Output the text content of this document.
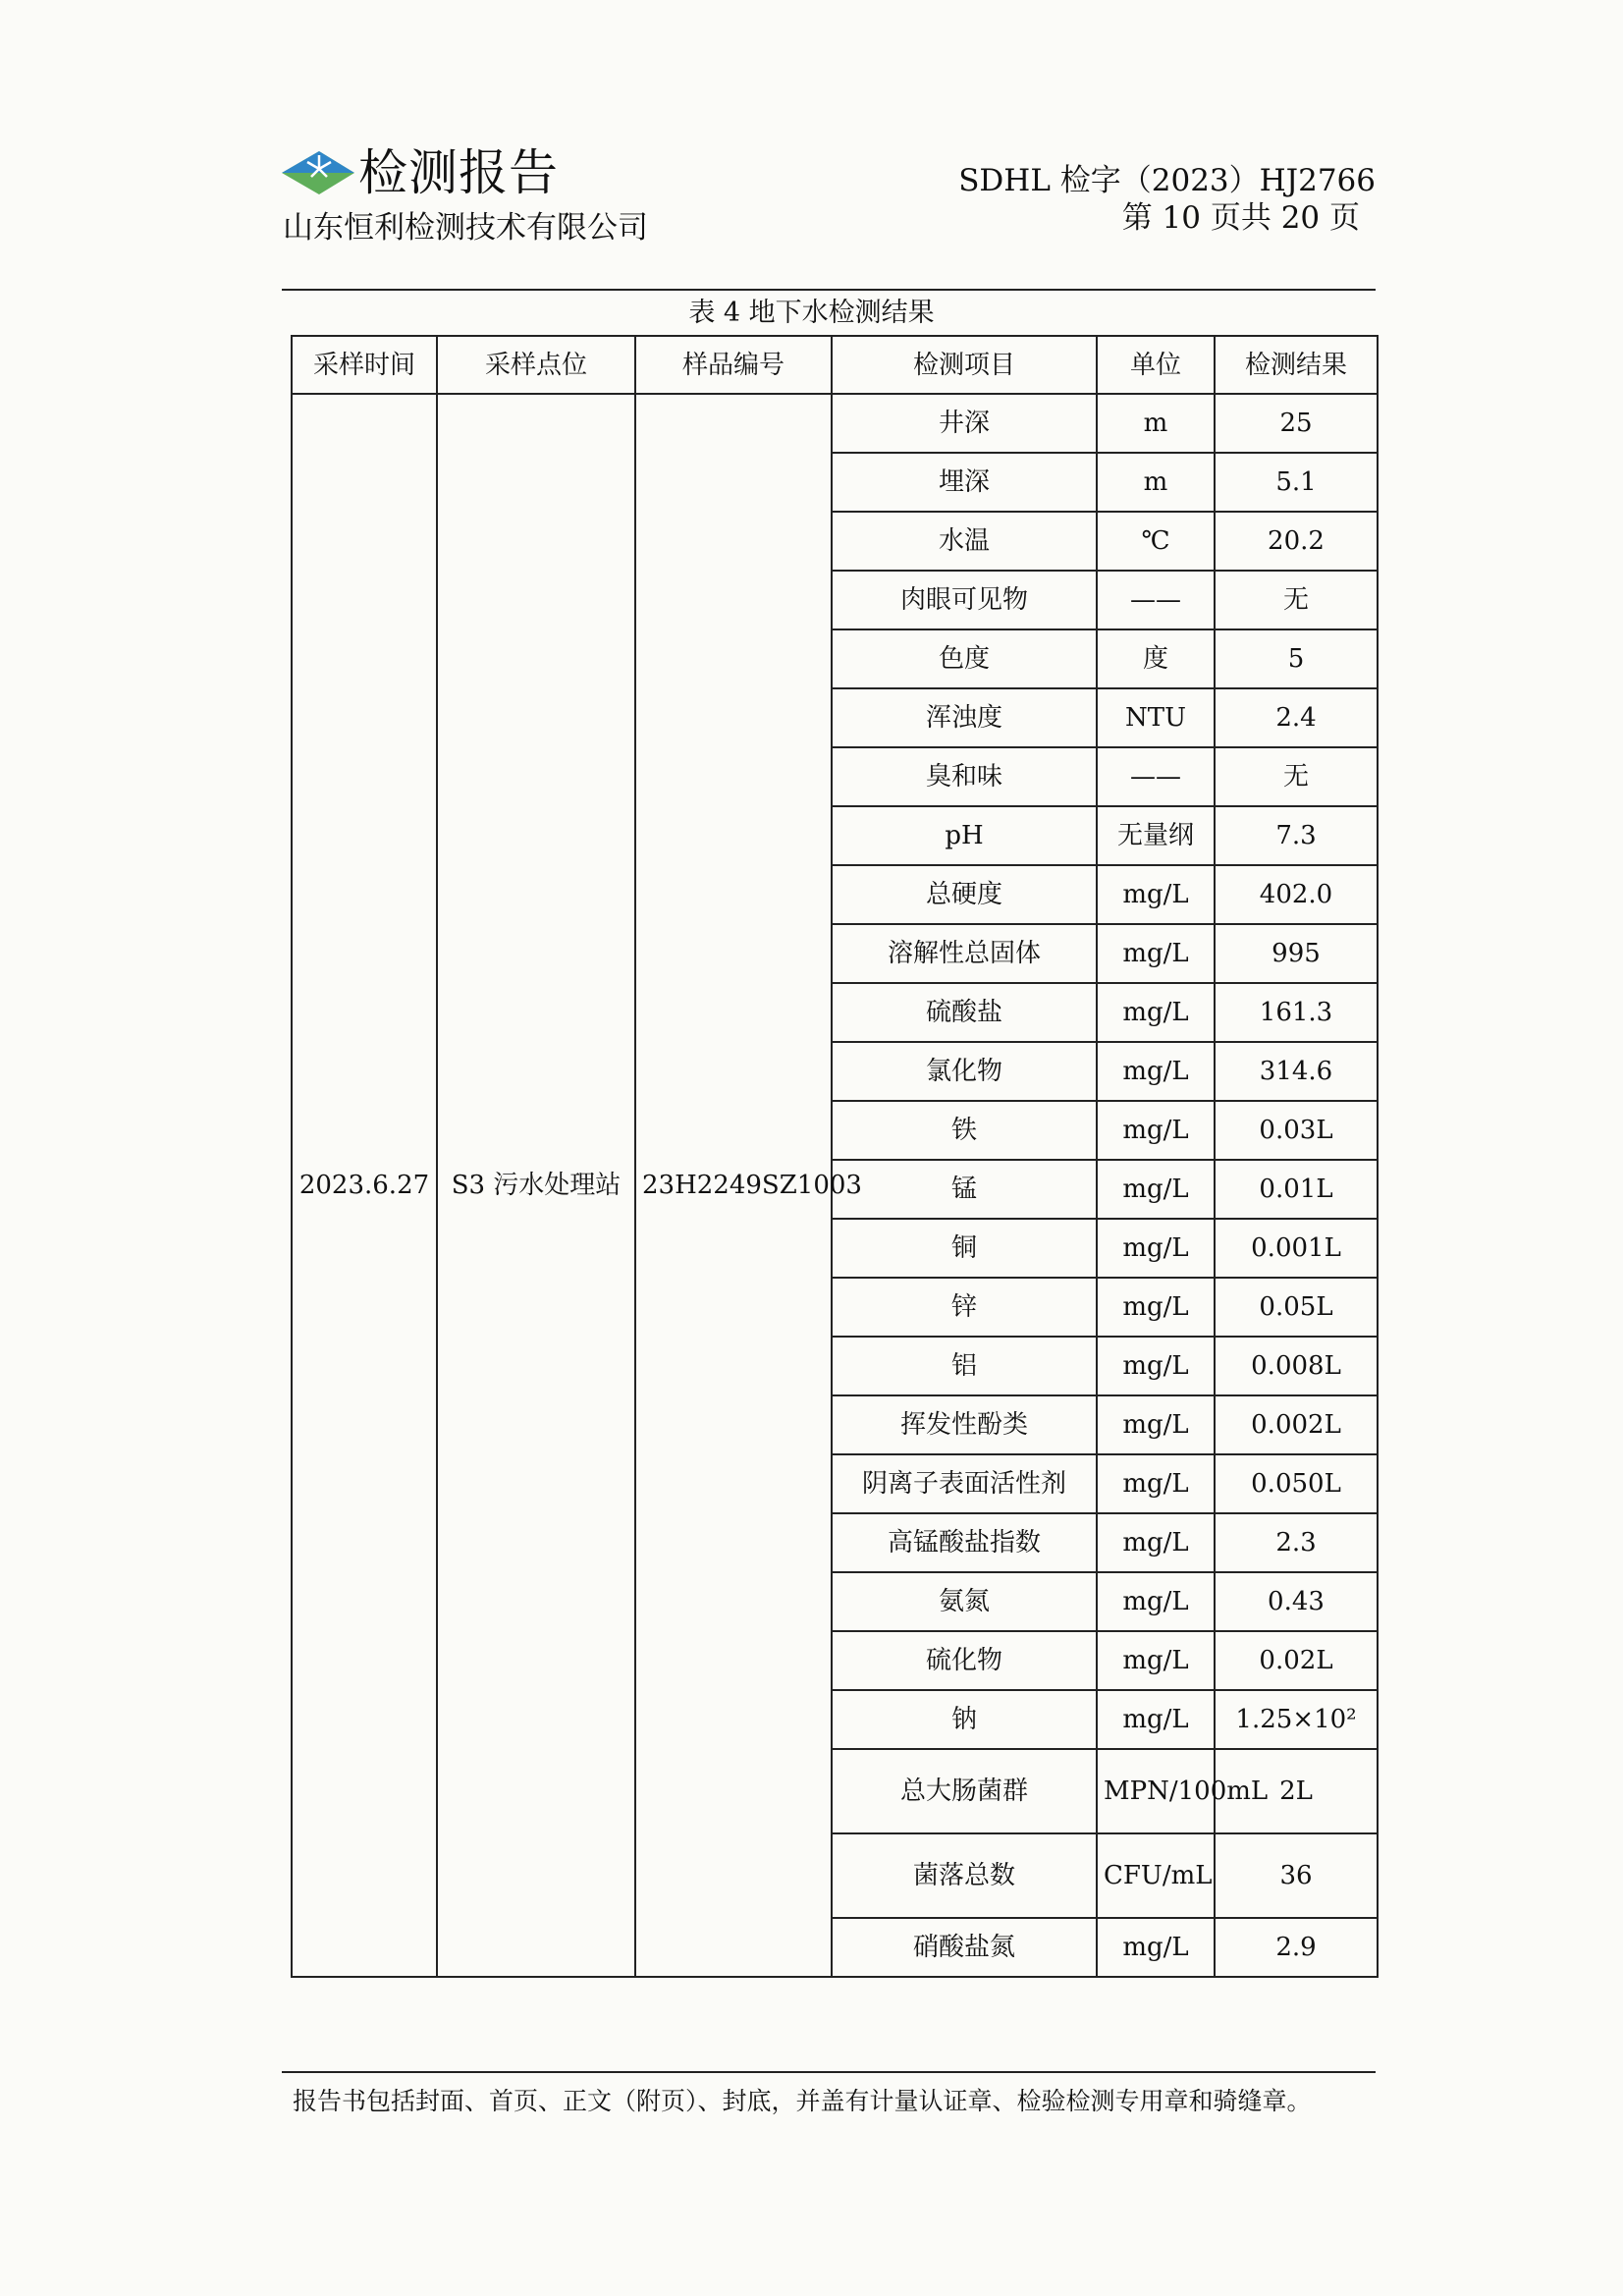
检测报告
山东恒利检测技术有限公司
SDHL 检字（2023）HJ2766
第 10 页共 20 页
表 4 地下水检测结果
采样时间	采样点位	样品编号	检测项目	单位	检测结果
2023.6.27	S3 污水处理站	23H2249SZ1003	井深	m	25
			埋深	m	5.1
			水温	℃	20.2
			肉眼可见物	——	无
			色度	度	5
			浑浊度	NTU	2.4
			臭和味	——	无
			pH	无量纲	7.3
			总硬度	mg/L	402.0
			溶解性总固体	mg/L	995
			硫酸盐	mg/L	161.3
			氯化物	mg/L	314.6
			铁	mg/L	0.03L
			锰	mg/L	0.01L
			铜	mg/L	0.001L
			锌	mg/L	0.05L
			铝	mg/L	0.008L
			挥发性酚类	mg/L	0.002L
			阴离子表面活性剂	mg/L	0.050L
			高锰酸盐指数	mg/L	2.3
			氨氮	mg/L	0.43
			硫化物	mg/L	0.02L
			钠	mg/L	1.25×10²
			总大肠菌群	MPN/100mL	2L
			菌落总数	CFU/mL	36
			硝酸盐氮	mg/L	2.9
报告书包括封面、首页、正文（附页）、封底，并盖有计量认证章、检验检测专用章和骑缝章。
